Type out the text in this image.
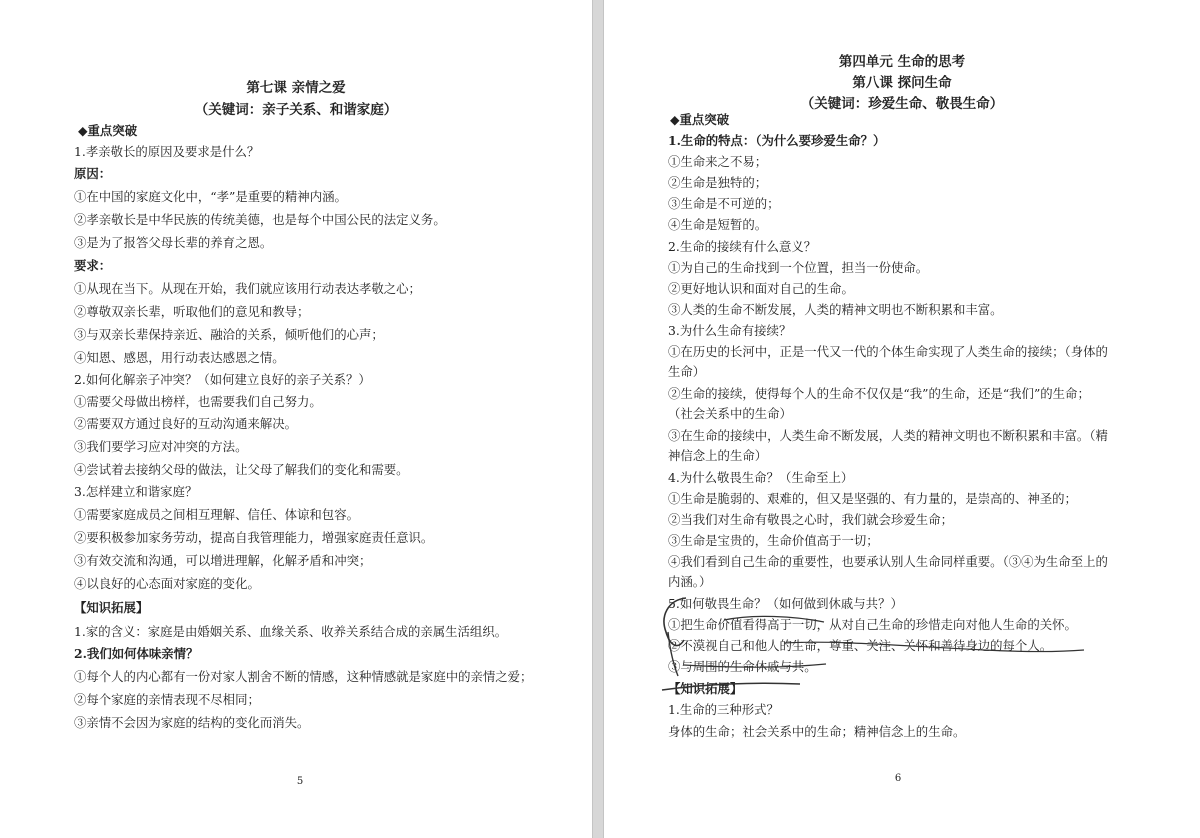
第七课 亲情之爱
（关键词：亲子关系、和谐家庭）
◆重点突破
1.孝亲敬长的原因及要求是什么？
原因：
①在中国的家庭文化中，“孝”是重要的精神内涵。
②孝亲敬长是中华民族的传统美德，也是每个中国公民的法定义务。
③是为了报答父母长辈的养育之恩。
要求：
①从现在当下。从现在开始，我们就应该用行动表达孝敬之心；
②尊敬双亲长辈，听取他们的意见和教导；
③与双亲长辈保持亲近、融洽的关系，倾听他们的心声；
④知恩、感恩，用行动表达感恩之情。
2.如何化解亲子冲突？（如何建立良好的亲子关系？）
①需要父母做出榜样，也需要我们自己努力。
②需要双方通过良好的互动沟通来解决。
③我们要学习应对冲突的方法。
④尝试着去接纳父母的做法，让父母了解我们的变化和需要。
3.怎样建立和谐家庭？
①需要家庭成员之间相互理解、信任、体谅和包容。
②要积极参加家务劳动，提高自我管理能力，增强家庭责任意识。
③有效交流和沟通，可以增进理解，化解矛盾和冲突；
④以良好的心态面对家庭的变化。
【知识拓展】
1.家的含义：家庭是由婚姻关系、血缘关系、收养关系结合成的亲属生活组织。
2.我们如何体味亲情？
①每个人的内心都有一份对家人割舍不断的情感，这种情感就是家庭中的亲情之爱；
②每个家庭的亲情表现不尽相同；
③亲情不会因为家庭的结构的变化而消失。
5
第四单元 生命的思考
第八课 探问生命
（关键词：珍爱生命、敬畏生命）
◆重点突破
1.生命的特点：（为什么要珍爱生命？）
①生命来之不易；
②生命是独特的；
③生命是不可逆的；
④生命是短暂的。
2.生命的接续有什么意义？
①为自己的生命找到一个位置，担当一份使命。
②更好地认识和面对自己的生命。
③人类的生命不断发展，人类的精神文明也不断积累和丰富。
3.为什么生命有接续？
①在历史的长河中，正是一代又一代的个体生命实现了人类生命的接续；（身体的
生命）
②生命的接续，使得每个人的生命不仅仅是“我”的生命，还是“我们”的生命；
（社会关系中的生命）
③在生命的接续中，人类生命不断发展，人类的精神文明也不断积累和丰富。（精
神信念上的生命）
4.为什么敬畏生命？（生命至上）
①生命是脆弱的、艰难的，但又是坚强的、有力量的，是崇高的、神圣的；
②当我们对生命有敬畏之心时，我们就会珍爱生命；
③生命是宝贵的，生命价值高于一切；
④我们看到自己生命的重要性，也要承认别人生命同样重要。（③④为生命至上的
内涵。）
5.如何敬畏生命？（如何做到休戚与共？）
①把生命价值看得高于一切，从对自己生命的珍惜走向对他人生命的关怀。
②不漠视自己和他人的生命，尊重、关注、关怀和善待身边的每个人。
③与周围的生命休戚与共。
【知识拓展】
1.生命的三种形式？
身体的生命；社会关系中的生命；精神信念上的生命。
6
